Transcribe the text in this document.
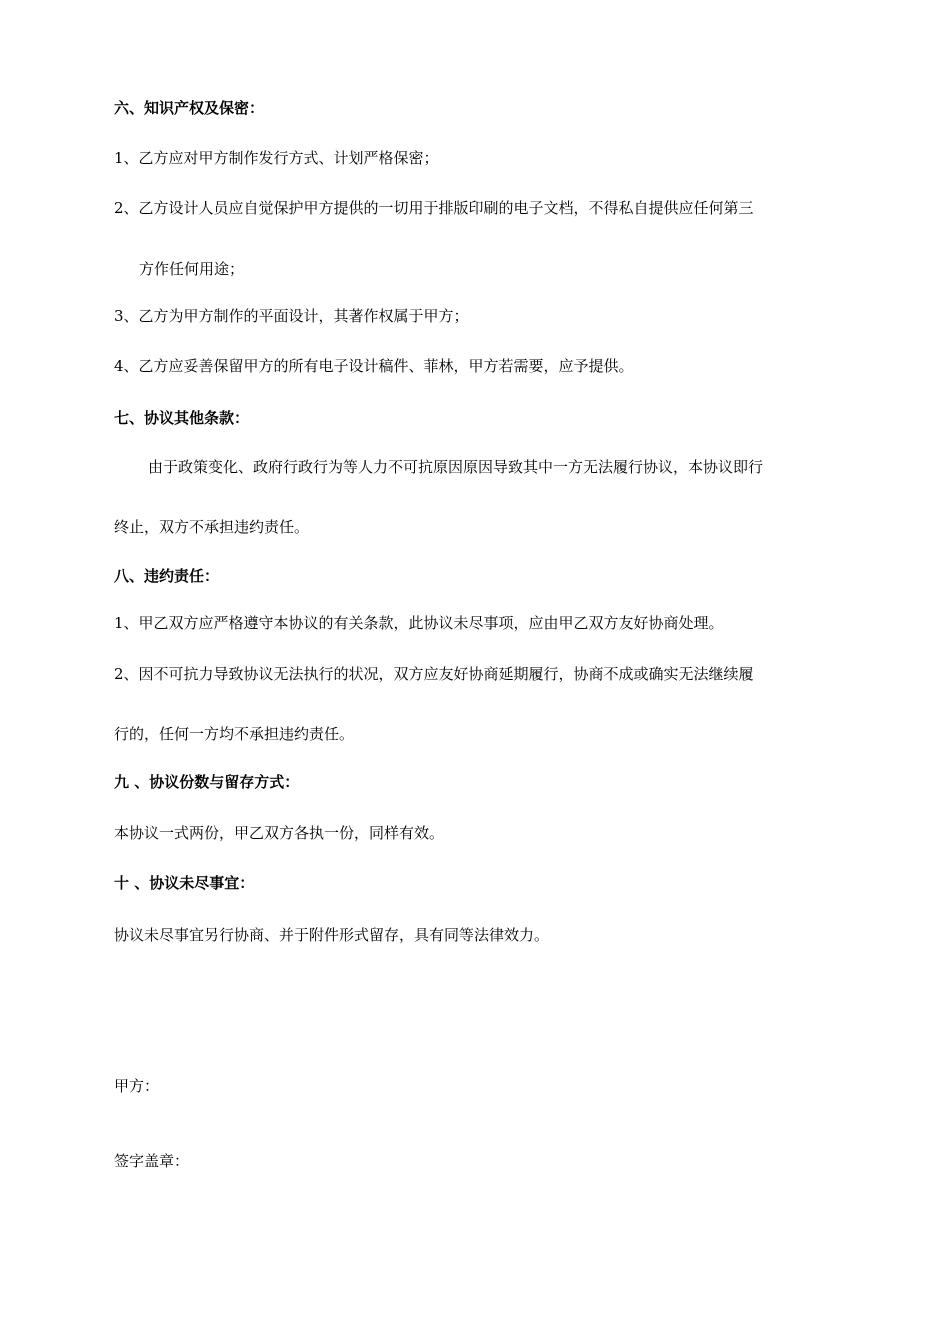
六、知识产权及保密：
1、乙方应对甲方制作发行方式、计划严格保密；
2、乙方设计人员应自觉保护甲方提供的一切用于排版印刷的电子文档，不得私自提供应任何第三
方作任何用途；
3、乙方为甲方制作的平面设计，其著作权属于甲方；
4、乙方应妥善保留甲方的所有电子设计稿件、菲林，甲方若需要，应予提供。
七、协议其他条款：
由于政策变化、政府行政行为等人力不可抗原因原因导致其中一方无法履行协议，本协议即行
终止，双方不承担违约责任。
八、违约责任：
1、甲乙双方应严格遵守本协议的有关条款，此协议未尽事项，应由甲乙双方友好协商处理。
2、因不可抗力导致协议无法执行的状况，双方应友好协商延期履行，协商不成或确实无法继续履
行的，任何一方均不承担违约责任。
九 、协议份数与留存方式：
本协议一式两份，甲乙双方各执一份，同样有效。
十 、协议未尽事宜：
协议未尽事宜另行协商、并于附件形式留存，具有同等法律效力。
甲方：
签字盖章：
